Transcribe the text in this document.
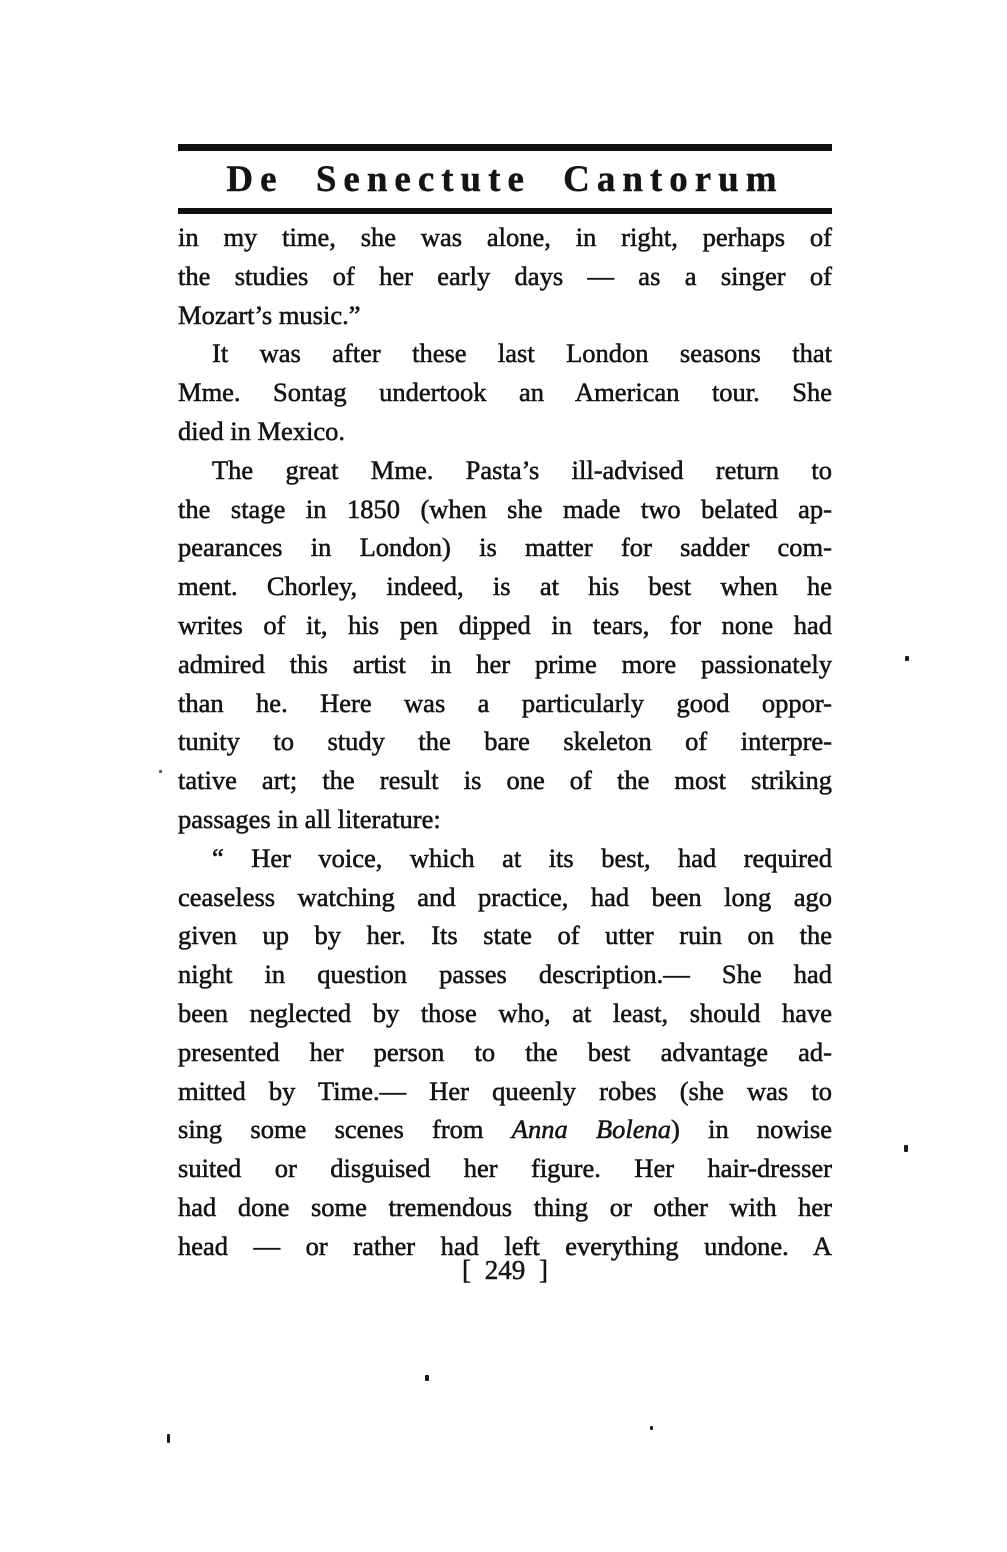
De Senectute Cantorum

in my time, she was alone, in right, perhaps of
the studies of her early days — as a singer of
Mozart’s music.”

It was after these last London seasons that
Mme. Sontag undertook an American tour. She
died in Mexico.

The great Mme. Pasta’s ill-advised return to
the stage in 1850 (when she made two belated ap-
pearances in London) is matter for sadder com-
ment. Chorley, indeed, is at his best when he
writes of it, his pen dipped in tears, for none had
admired this artist in her prime more passionately
than he. Here was a particularly good oppor-
tunity to study the bare skeleton of interpre-
tative art; the result is one of the most striking
passages in all literature:

“ Her voice, which at its best, had required
ceaseless watching and practice, had been long ago
given up by her. Its state of utter ruin on the
night in question passes description.— She had
been neglected by those who, at least, should have
presented her person to the best advantage ad-
mitted by Time.— Her queenly robes (she was to
sing some scenes from Anna Bolena) in nowise
suited or disguised her figure. Her hair-dresser
had done some tremendous thing or other with her
head — or rather had left everything undone. A

[ 249 ]
